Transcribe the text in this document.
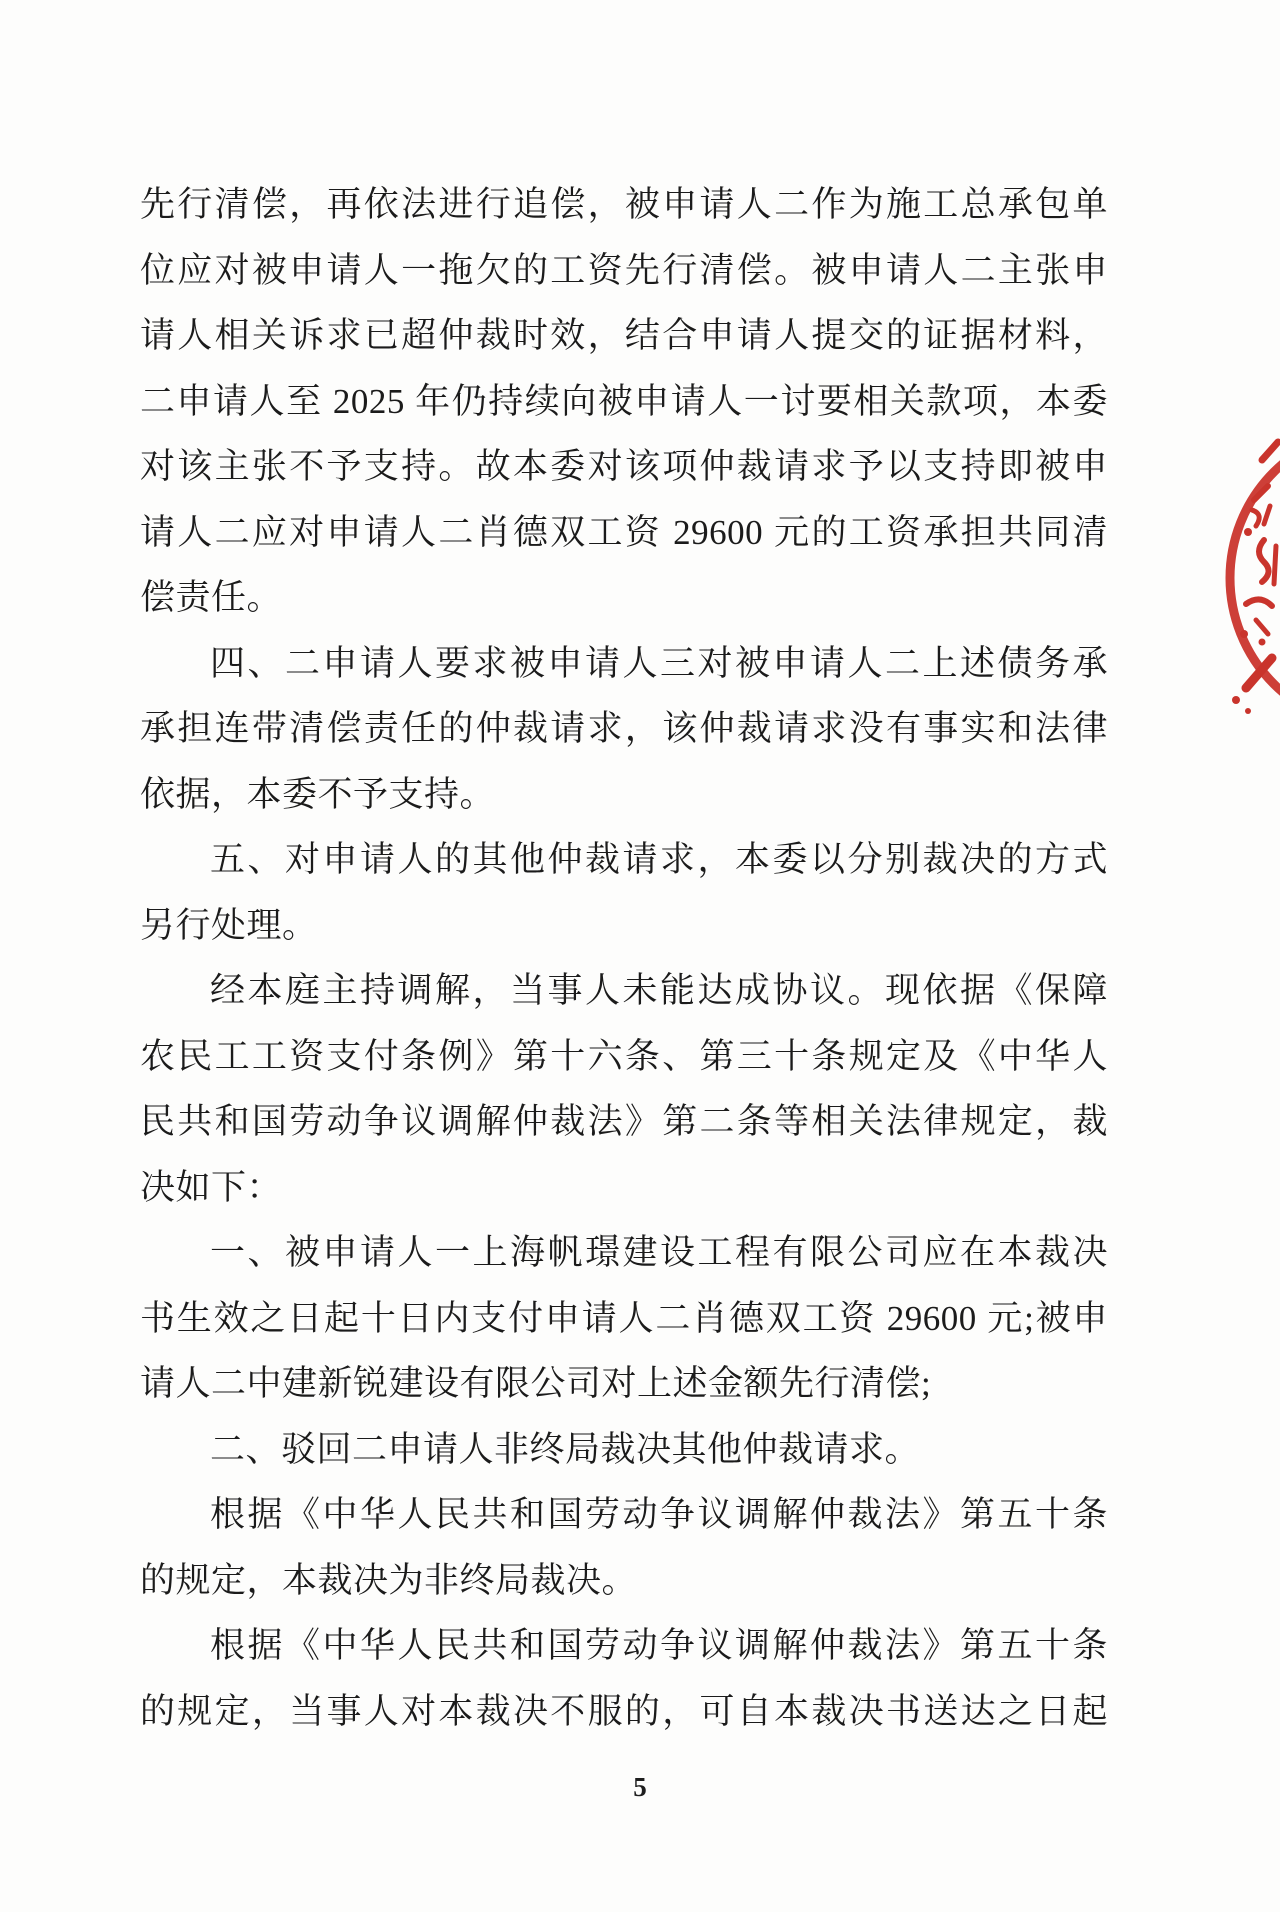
先行清偿，再依法进行追偿，被申请人二作为施工总承包单
位应对被申请人一拖欠的工资先行清偿。被申请人二主张申
请人相关诉求已超仲裁时效，结合申请人提交的证据材料，
二申请人至 2025 年仍持续向被申请人一讨要相关款项，本委
对该主张不予支持。故本委对该项仲裁请求予以支持即被申
请人二应对申请人二肖德双工资 29600 元的工资承担共同清
偿责任。
四、二申请人要求被申请人三对被申请人二上述债务承
承担连带清偿责任的仲裁请求，该仲裁请求没有事实和法律
依据，本委不予支持。
五、对申请人的其他仲裁请求，本委以分别裁决的方式
另行处理。
经本庭主持调解，当事人未能达成协议。现依据《保障
农民工工资支付条例》第十六条、第三十条规定及《中华人
民共和国劳动争议调解仲裁法》第二条等相关法律规定，裁
决如下：
一、被申请人一上海帆璟建设工程有限公司应在本裁决
书生效之日起十日内支付申请人二肖德双工资 29600 元;被申
请人二中建新锐建设有限公司对上述金额先行清偿;
二、驳回二申请人非终局裁决其他仲裁请求。
根据《中华人民共和国劳动争议调解仲裁法》第五十条
的规定，本裁决为非终局裁决。
根据《中华人民共和国劳动争议调解仲裁法》第五十条
的规定，当事人对本裁决不服的，可自本裁决书送达之日起
5
